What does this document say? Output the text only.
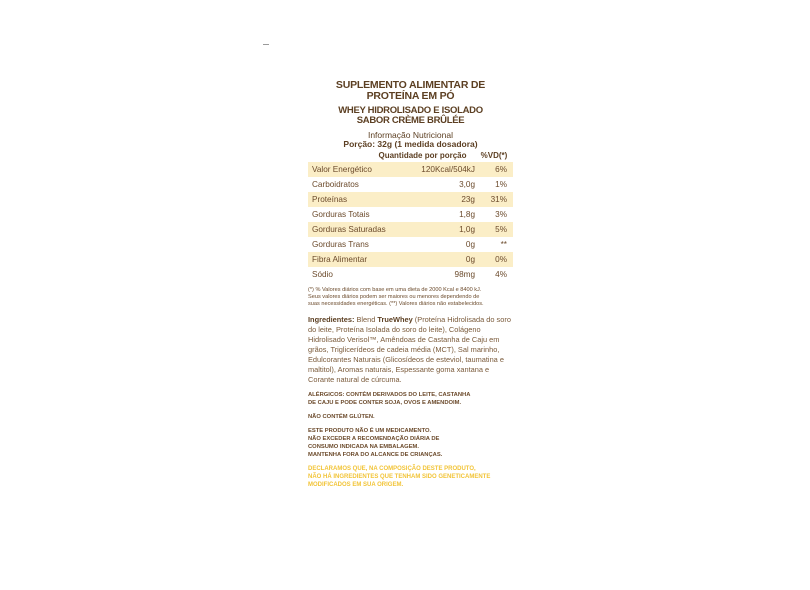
SUPLEMENTO ALIMENTAR DE
PROTEÍNA EM PÓ
WHEY HIDROLISADO E ISOLADO
SABOR CRÈME BRÛLÉE
Informação Nutricional
Porção: 32g (1 medida dosadora)
Quantidade por porção	%VD(*)
Valor Energético	120Kcal/504kJ	6%
Carboidratos	3,0g	1%
Proteínas	23g	31%
Gorduras Totais	1,8g	3%
Gorduras Saturadas	1,0g	5%
Gorduras Trans	0g	**
Fibra Alimentar	0g	0%
Sódio	98mg	4%
(*) % Valores diários com base em uma dieta de 2000 Kcal e 8400 kJ.
Seus valores diários podem ser maiores ou menores dependendo de
suas necessidades energéticas. (**) Valores diários não estabelecidos.
Ingredientes: Blend TrueWhey (Proteína Hidrolisada do soro do leite, Proteína Isolada do soro do leite), Colágeno Hidrolisado Verisol™, Amêndoas de Castanha de Caju em grãos, Triglicerídeos de cadeia média (MCT), Sal marinho, Edulcorantes Naturais (Glicosídeos de esteviol, taumatina e maltitol), Aromas naturais, Espessante goma xantana e Corante natural de cúrcuma.
ALÉRGICOS: CONTÉM DERIVADOS DO LEITE, CASTANHA
DE CAJU E PODE CONTER SOJA, OVOS E AMENDOIM.
NÃO CONTÉM GLÚTEN.
ESTE PRODUTO NÃO É UM MEDICAMENTO.
NÃO EXCEDER A RECOMENDAÇÃO DIÁRIA DE
CONSUMO INDICADA NA EMBALAGEM.
MANTENHA FORA DO ALCANCE DE CRIANÇAS.
DECLARAMOS QUE, NA COMPOSIÇÃO DESTE PRODUTO,
NÃO HÁ INGREDIENTES QUE TENHAM SIDO GENETICAMENTE
MODIFICADOS EM SUA ORIGEM.
